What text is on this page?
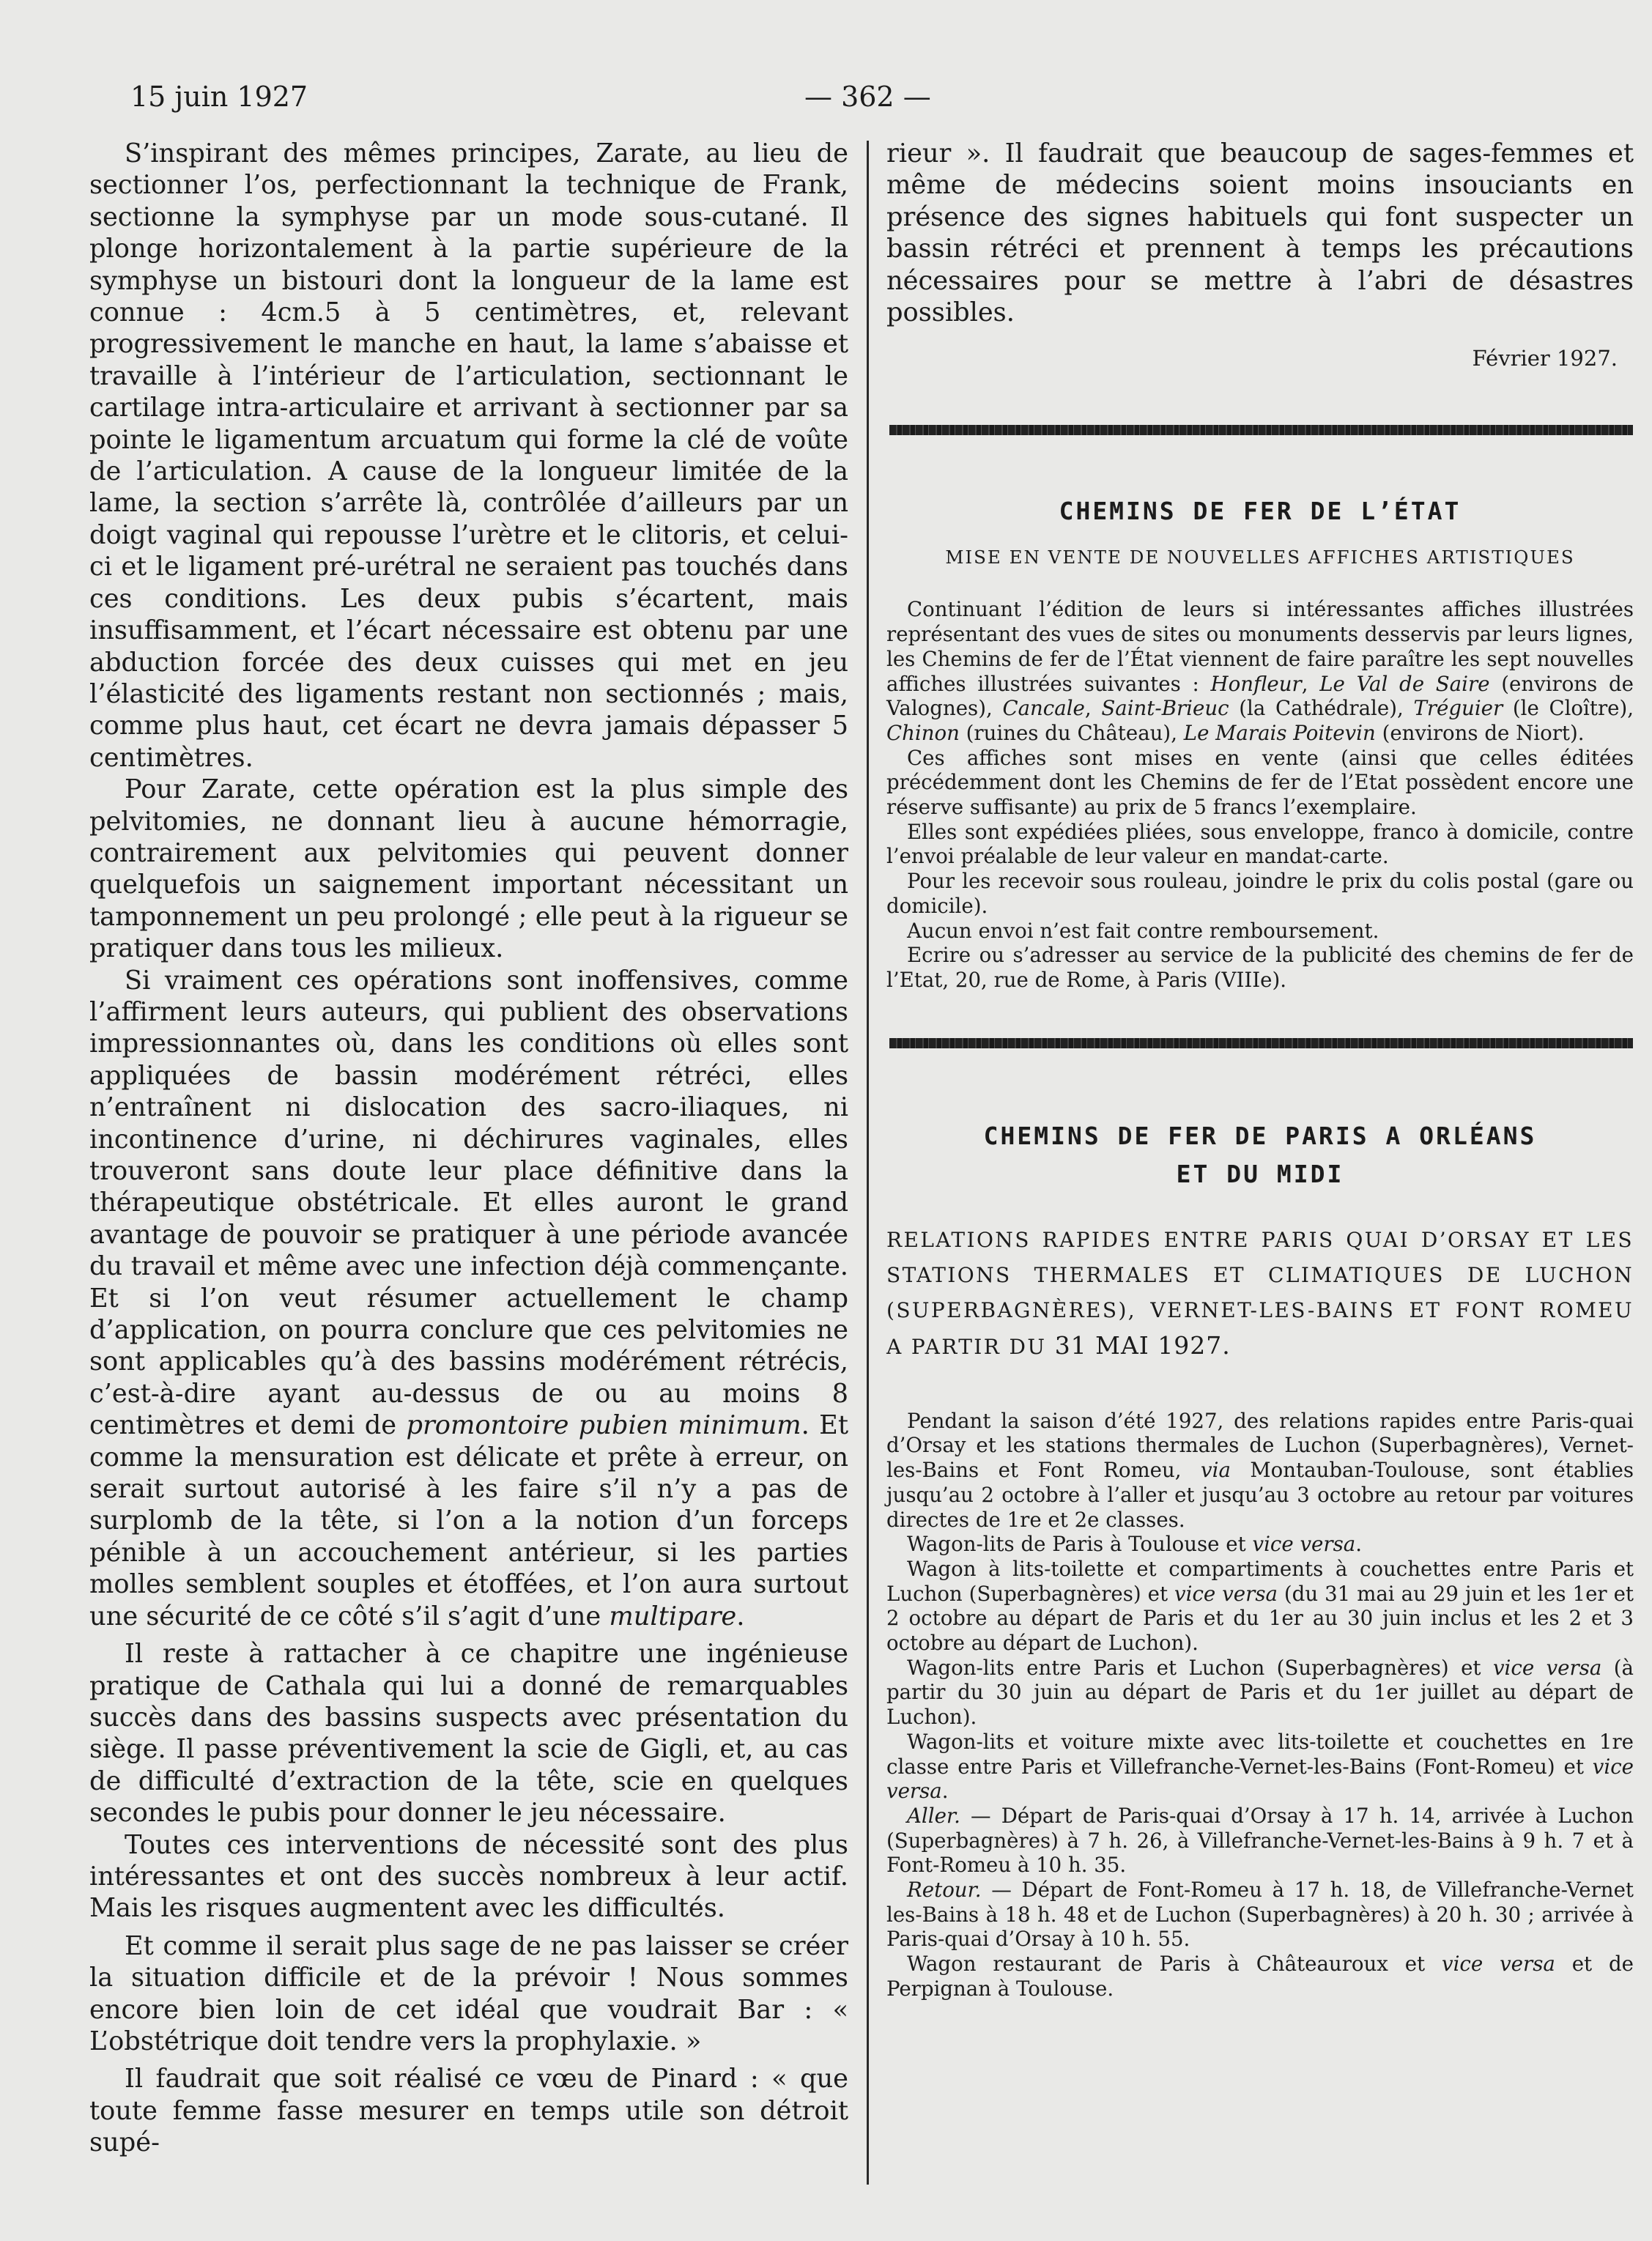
15 juin 1927	— 362 —

S’inspirant des mêmes principes, Zarate, au lieu de sectionner l’os, perfectionnant la technique de Frank, sectionne la symphyse par un mode sous-cutané. Il plonge horizontalement à la partie supérieure de la symphyse un bistouri dont la longueur de la lame est connue : 4cm.5 à 5 centimètres, et, relevant progressivement le manche en haut, la lame s’abaisse et travaille à l’intérieur de l’articulation, sectionnant le cartilage intra-articulaire et arrivant à sectionner par sa pointe le ligamentum arcuatum qui forme la clé de voûte de l’articulation. A cause de la longueur limitée de la lame, la section s’arrête là, contrôlée d’ailleurs par un doigt vaginal qui repousse l’urètre et le clitoris, et celui-ci et le ligament pré-urétral ne seraient pas touchés dans ces conditions. Les deux pubis s’écartent, mais insuffisamment, et l’écart nécessaire est obtenu par une abduction forcée des deux cuisses qui met en jeu l’élasticité des ligaments restant non sectionnés ; mais, comme plus haut, cet écart ne devra jamais dépasser 5 centimètres.

Pour Zarate, cette opération est la plus simple des pelvitomies, ne donnant lieu à aucune hémorragie, contrairement aux pelvitomies qui peuvent donner quelquefois un saignement important nécessitant un tamponnement un peu prolongé ; elle peut à la rigueur se pratiquer dans tous les milieux.

Si vraiment ces opérations sont inoffensives, comme l’affirment leurs auteurs, qui publient des observations impressionnantes où, dans les conditions où elles sont appliquées de bassin modérément rétréci, elles n’entraînent ni dislocation des sacro-iliaques, ni incontinence d’urine, ni déchirures vaginales, elles trouveront sans doute leur place définitive dans la thérapeutique obstétricale. Et elles auront le grand avantage de pouvoir se pratiquer à une période avancée du travail et même avec une infection déjà commençante. Et si l’on veut résumer actuellement le champ d’application, on pourra conclure que ces pelvitomies ne sont applicables qu’à des bassins modérément rétrécis, c’est-à-dire ayant au-dessus de ou au moins 8 centimètres et demi de promontoire pubien minimum. Et comme la mensuration est délicate et prête à erreur, on serait surtout autorisé à les faire s’il n’y a pas de surplomb de la tête, si l’on a la notion d’un forceps pénible à un accouchement antérieur, si les parties molles semblent souples et étoffées, et l’on aura surtout une sécurité de ce côté s’il s’agit d’une multipare.

Il reste à rattacher à ce chapitre une ingénieuse pratique de Cathala qui lui a donné de remarquables succès dans des bassins suspects avec présentation du siège. Il passe préventivement la scie de Gigli, et, au cas de difficulté d’extraction de la tête, scie en quelques secondes le pubis pour donner le jeu nécessaire.

Toutes ces interventions de nécessité sont des plus intéressantes et ont des succès nombreux à leur actif. Mais les risques augmentent avec les difficultés.

Et comme il serait plus sage de ne pas laisser se créer la situation difficile et de la prévoir ! Nous sommes encore bien loin de cet idéal que voudrait Bar : « L’obstétrique doit tendre vers la prophylaxie. »

Il faudrait que soit réalisé ce vœu de Pinard : « que toute femme fasse mesurer en temps utile son détroit supé-

rieur ». Il faudrait que beaucoup de sages-femmes et même de médecins soient moins insouciants en présence des signes habituels qui font suspecter un bassin rétréci et prennent à temps les précautions nécessaires pour se mettre à l’abri de désastres possibles.

Février 1927.
CHEMINS DE FER DE L’ÉTAT
MISE EN VENTE DE NOUVELLES AFFICHES ARTISTIQUES

Continuant l’édition de leurs si intéressantes affiches illustrées représentant des vues de sites ou monuments desservis par leurs lignes, les Chemins de fer de l’État viennent de faire paraître les sept nouvelles affiches illustrées suivantes : Honfleur, Le Val de Saire (environs de Valognes), Cancale, Saint-Brieuc (la Cathédrale), Tréguier (le Cloître), Chinon (ruines du Château), Le Marais Poitevin (environs de Niort).

Ces affiches sont mises en vente (ainsi que celles éditées précédemment dont les Chemins de fer de l’Etat possèdent encore une réserve suffisante) au prix de 5 francs l’exemplaire.

Elles sont expédiées pliées, sous enveloppe, franco à domicile, contre l’envoi préalable de leur valeur en mandat-carte.

Pour les recevoir sous rouleau, joindre le prix du colis postal (gare ou domicile).

Aucun envoi n’est fait contre remboursement.

Ecrire ou s’adresser au service de la publicité des chemins de fer de l’Etat, 20, rue de Rome, à Paris (VIIIe).

CHEMINS DE FER DE PARIS A ORLÉANS
ET DU MIDI
RELATIONS RAPIDES ENTRE PARIS QUAI D’ORSAY ET LES STATIONS THERMALES ET CLIMATIQUES DE LUCHON (SUPERBAGNÈRES), VERNET-LES-BAINS ET FONT ROMEU A PARTIR DU 31 MAI 1927.

Pendant la saison d’été 1927, des relations rapides entre Paris-quai d’Orsay et les stations thermales de Luchon (Superbagnères), Vernet-les-Bains et Font Romeu, via Montauban-Toulouse, sont établies jusqu’au 2 octobre à l’aller et jusqu’au 3 octobre au retour par voitures directes de 1re et 2e classes.

Wagon-lits de Paris à Toulouse et vice versa.

Wagon à lits-toilette et compartiments à couchettes entre Paris et Luchon (Superbagnères) et vice versa (du 31 mai au 29 juin et les 1er et 2 octobre au départ de Paris et du 1er au 30 juin inclus et les 2 et 3 octobre au départ de Luchon).

Wagon-lits entre Paris et Luchon (Superbagnères) et vice versa (à partir du 30 juin au départ de Paris et du 1er juillet au départ de Luchon).

Wagon-lits et voiture mixte avec lits-toilette et couchettes en 1re classe entre Paris et Villefranche-Vernet-les-Bains (Font-Romeu) et vice versa.

Aller. — Départ de Paris-quai d’Orsay à 17 h. 14, arrivée à Luchon (Superbagnères) à 7 h. 26, à Villefranche-Vernet-les-Bains à 9 h. 7 et à Font-Romeu à 10 h. 35.

Retour. — Départ de Font-Romeu à 17 h. 18, de Villefranche-Vernet les-Bains à 18 h. 48 et de Luchon (Superbagnères) à 20 h. 30 ; arrivée à Paris-quai d’Orsay à 10 h. 55.

Wagon restaurant de Paris à Châteauroux et vice versa et de Perpignan à Toulouse.
